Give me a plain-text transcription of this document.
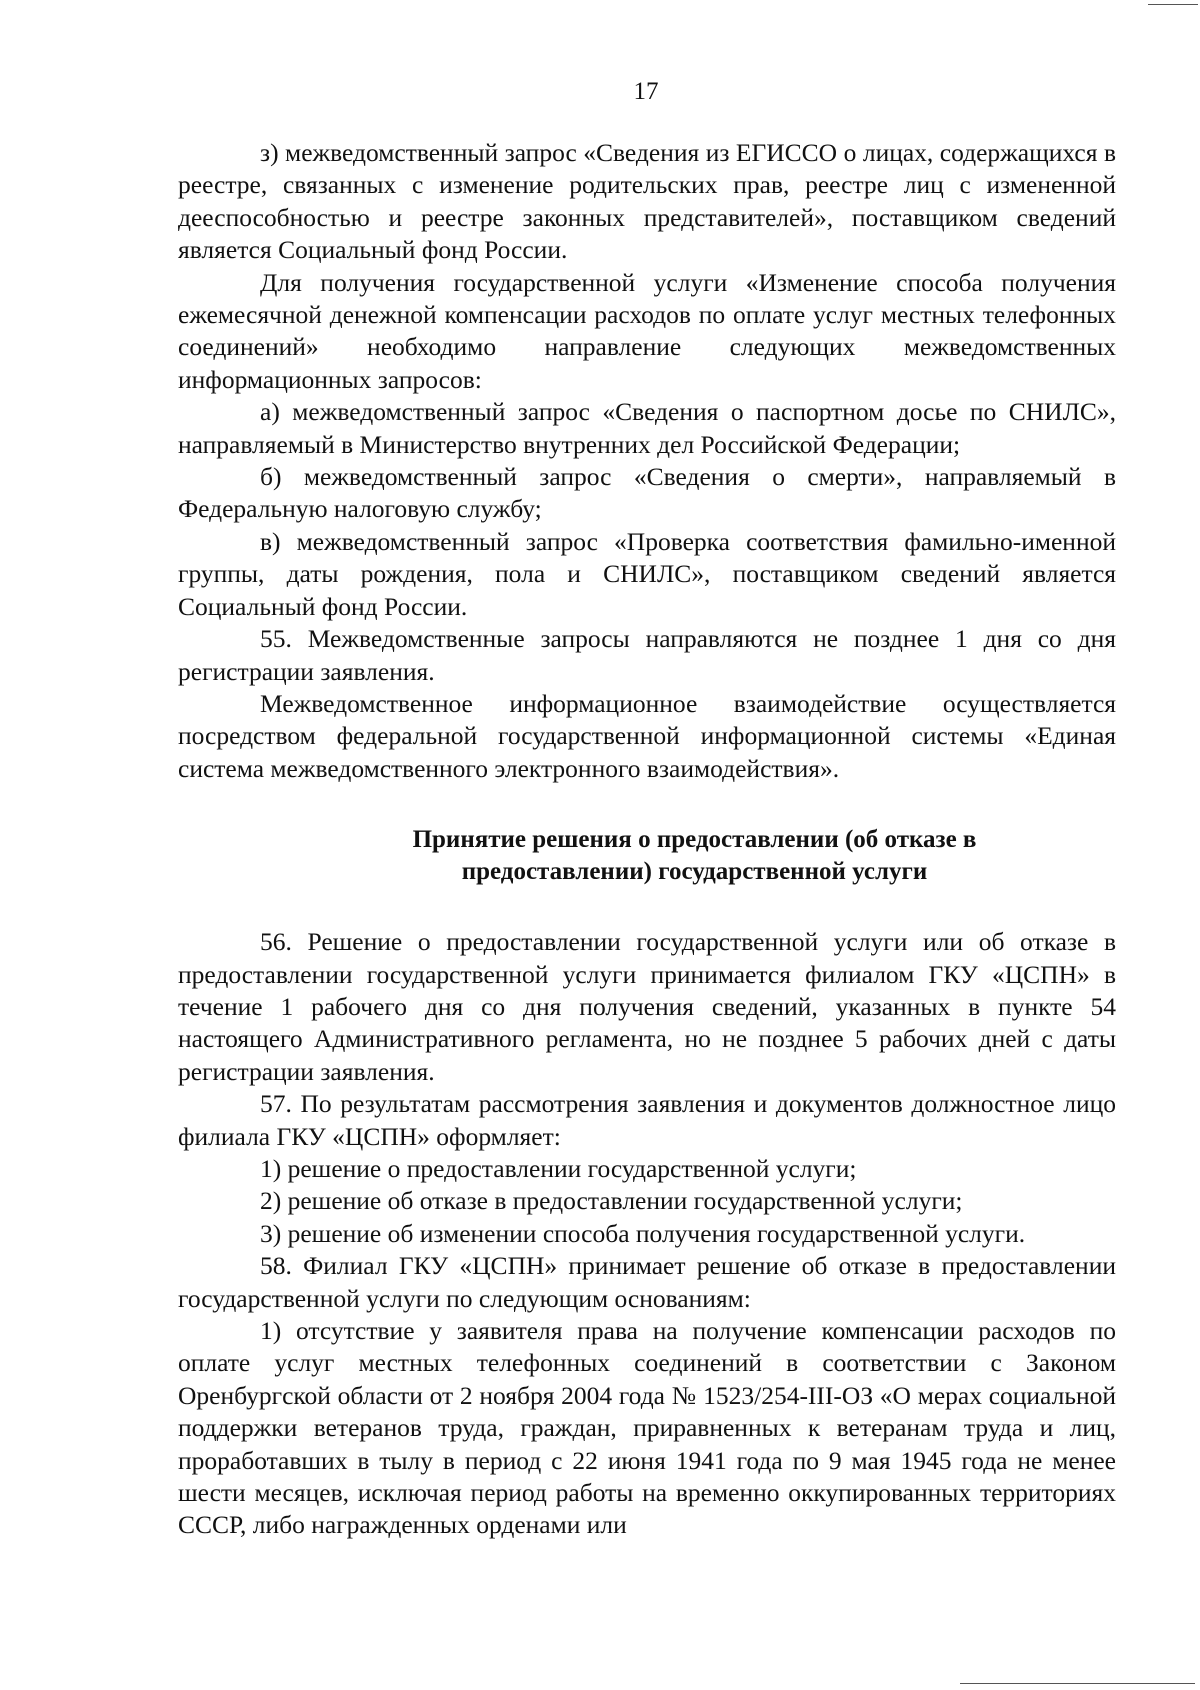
17

з) межведомственный запрос «Сведения из ЕГИССО о лицах, содержащихся в реестре, связанных с изменение родительских прав, реестре лиц с измененной дееспособностью и реестре законных представителей», поставщиком сведений является Социальный фонд России.

Для получения государственной услуги «Изменение способа получения ежемесячной денежной компенсации расходов по оплате услуг местных телефонных соединений» необходимо направление следующих межведомственных информационных запросов:

а) межведомственный запрос «Сведения о паспортном досье по СНИЛС», направляемый в Министерство внутренних дел Российской Федерации;

б) межведомственный запрос «Сведения о смерти», направляемый в Федеральную налоговую службу;

в) межведомственный запрос «Проверка соответствия фамильно-именной группы, даты рождения, пола и СНИЛС», поставщиком сведений является Социальный фонд России.

55. Межведомственные запросы направляются не позднее 1 дня со дня регистрации заявления.

Межведомственное информационное взаимодействие осуществляется посредством федеральной государственной информационной системы «Единая система межведомственного электронного взаимодействия».

Принятие решения о предоставлении (об отказе в
предоставлении) государственной услуги

56. Решение о предоставлении государственной услуги или об отказе в предоставлении государственной услуги принимается филиалом ГКУ «ЦСПН» в течение 1 рабочего дня со дня получения сведений, указанных в пункте 54 настоящего Административного регламента, но не позднее 5 рабочих дней с даты регистрации заявления.

57. По результатам рассмотрения заявления и документов должностное лицо филиала ГКУ «ЦСПН» оформляет:

1) решение о предоставлении государственной услуги;

2) решение об отказе в предоставлении государственной услуги;

3) решение об изменении способа получения государственной услуги.

58. Филиал ГКУ «ЦСПН» принимает решение об отказе в предоставлении государственной услуги по следующим основаниям:

1) отсутствие у заявителя права на получение компенсации расходов по оплате услуг местных телефонных соединений в соответствии с Законом Оренбургской области от 2 ноября 2004 года № 1523/254-III-ОЗ «О мерах социальной поддержки ветеранов труда, граждан, приравненных к ветеранам труда и лиц, проработавших в тылу в период с 22 июня 1941 года по 9 мая 1945 года не менее шести месяцев, исключая период работы на временно оккупированных территориях СССР, либо награжденных орденами или
